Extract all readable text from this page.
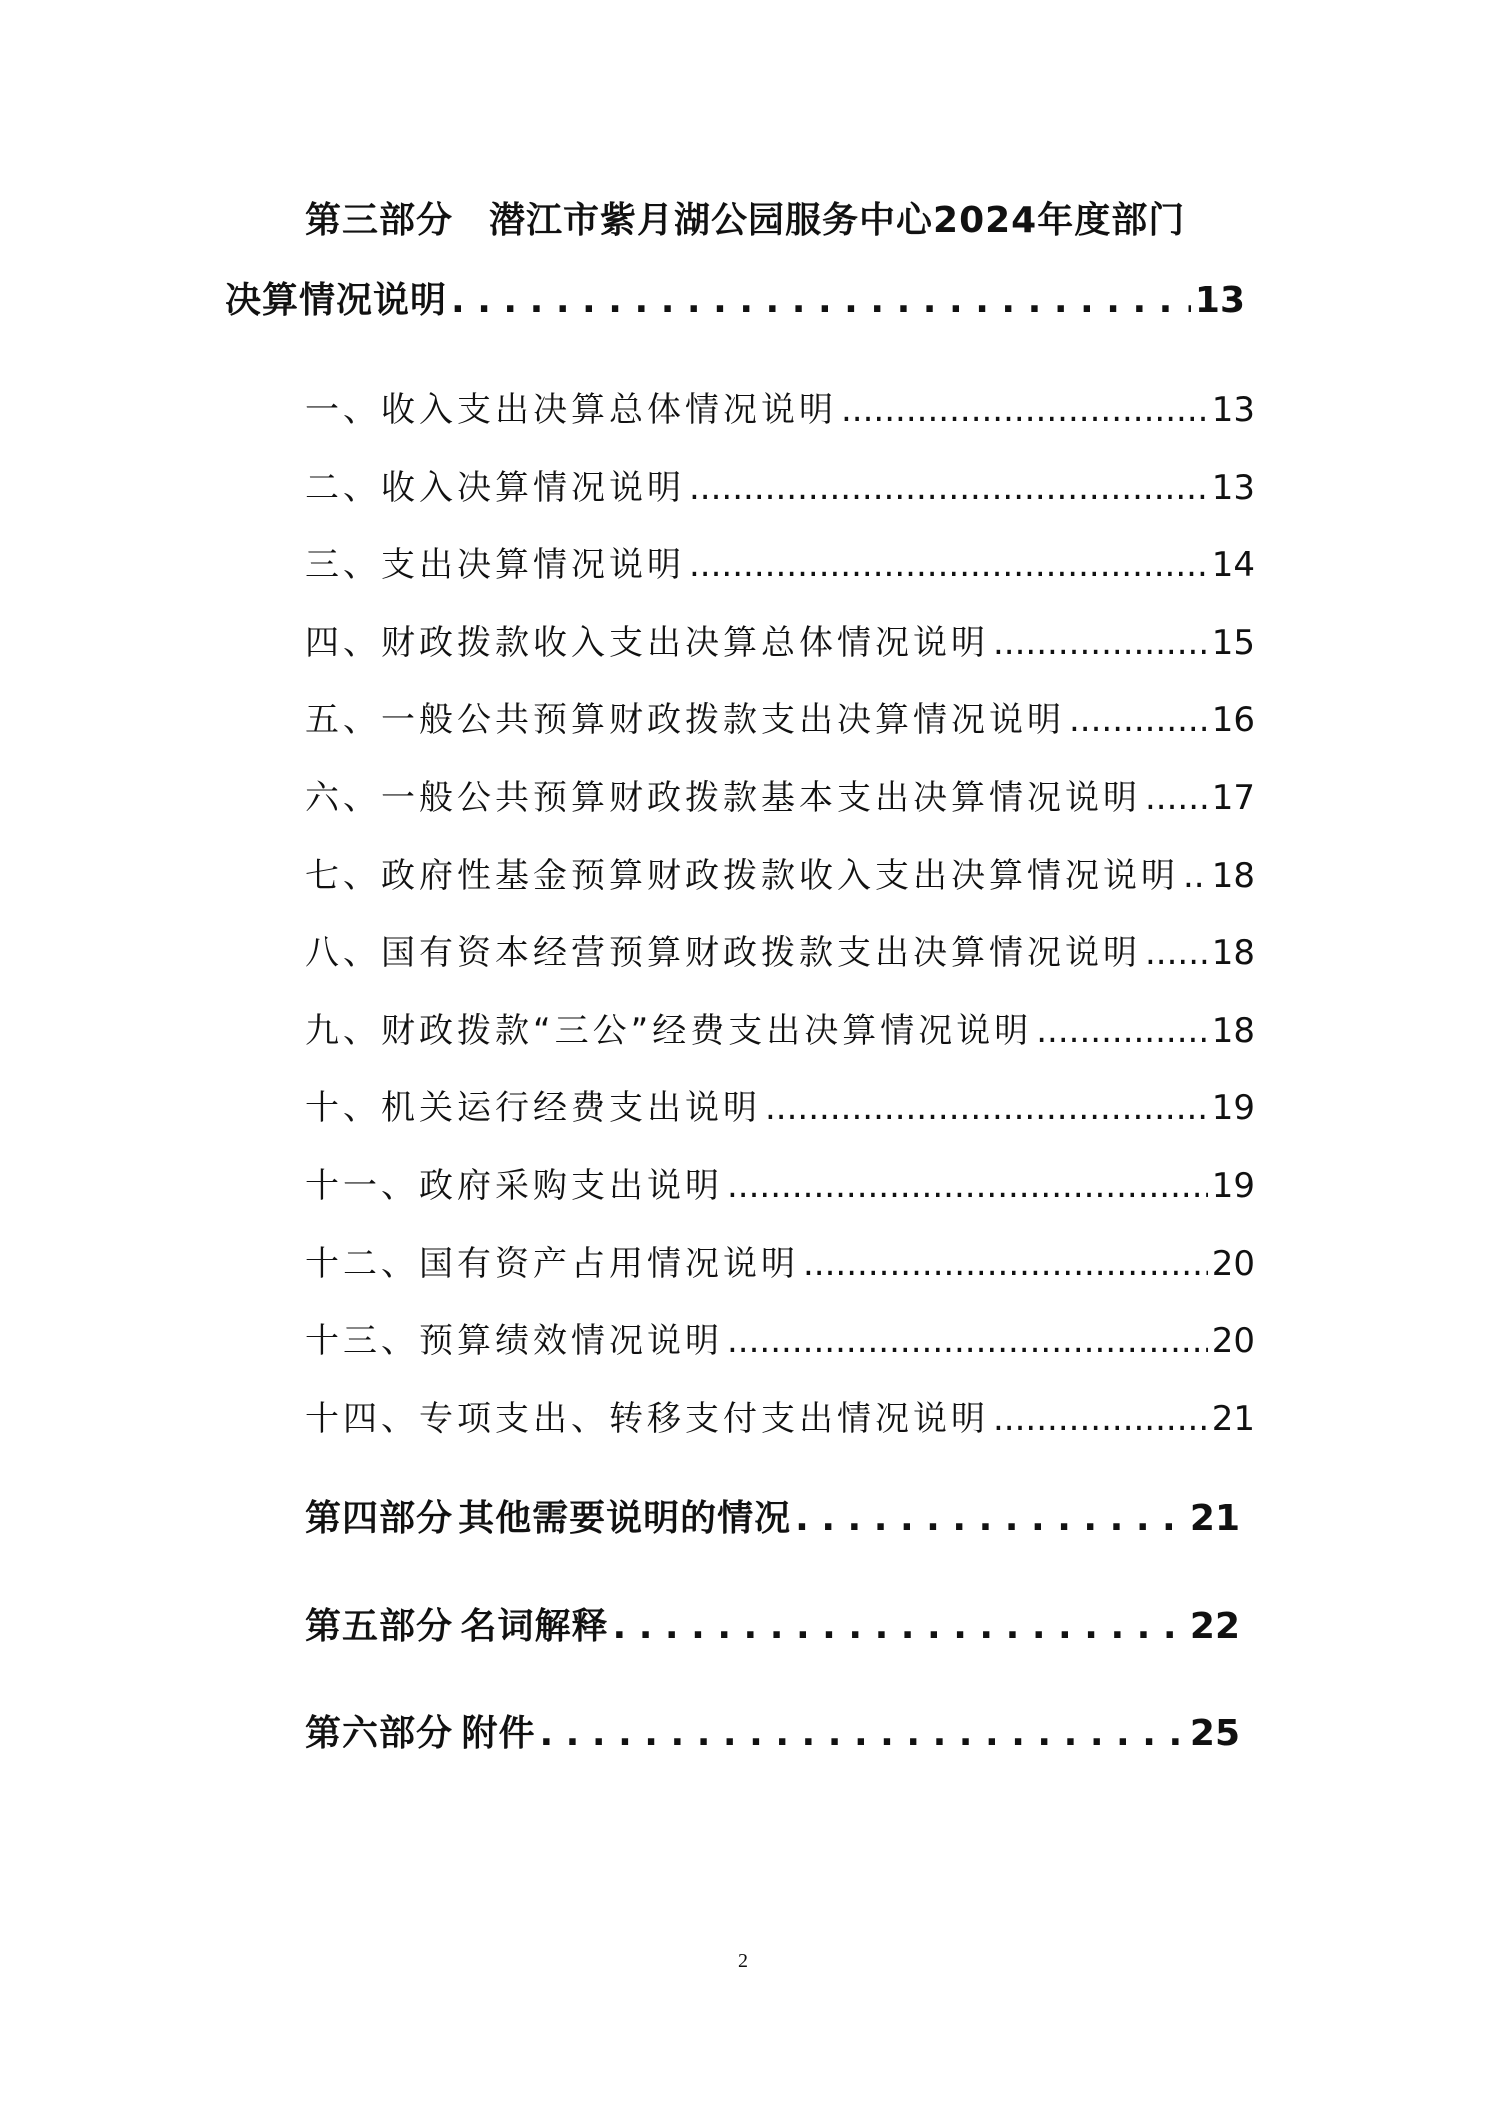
第三部分 潜江市紫月湖公园服务中心2024年度部门
决算情况说明 . . .	13
一、收入支出决算总体情况说明 .....	13
二、收入决算情况说明 .....	13
三、支出决算情况说明 .....	14
四、财政拨款收入支出决算总体情况说明 .....	15
五、一般公共预算财政拨款支出决算情况说明 .....	16
六、一般公共预算财政拨款基本支出决算情况说明 ..... 17
七、政府性基金预算财政拨款收入支出决算情况说明 ..... 18
八、国有资本经营预算财政拨款支出决算情况说明 ..... 18
九、财政拨款“三公”经费支出决算情况说明 .....	18
十、机关运行经费支出说明 .....	19
十一、政府采购支出说明 .....	19
十二、国有资产占用情况说明 .....	20
十三、预算绩效情况说明 .....	20
十四、专项支出、转移支付支出情况说明 .....	21
第四部分 其他需要说明的情况 . . .	21
第五部分 名词解释 . . .	22
第六部分 附件 . . .	25
2
